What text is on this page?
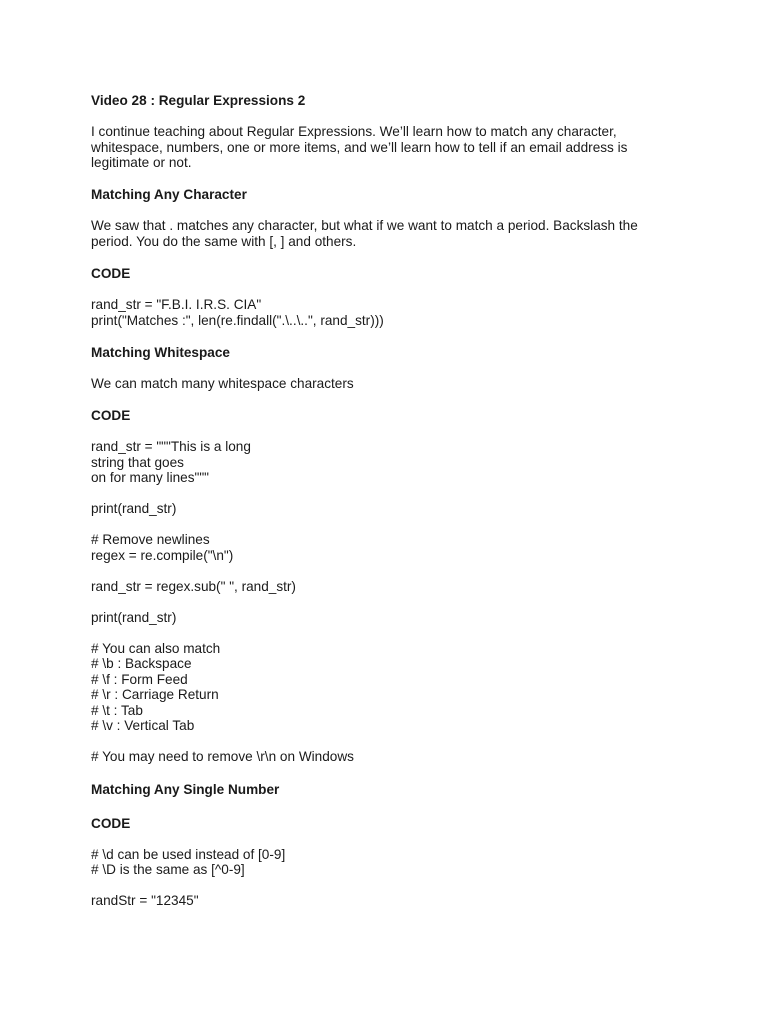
Video 28 : Regular Expressions 2
I continue teaching about Regular Expressions. We’ll learn how to match any character,
whitespace, numbers, one or more items, and we’ll learn how to tell if an email address is
legitimate or not.
Matching Any Character
We saw that . matches any character, but what if we want to match a period. Backslash the
period. You do the same with [, ] and others.
CODE
rand_str = "F.B.I. I.R.S. CIA"
print("Matches :", len(re.findall(".\..\..", rand_str)))
Matching Whitespace
We can match many whitespace characters
CODE
rand_str = """This is a long
string that goes
on for many lines"""
print(rand_str)
# Remove newlines
regex = re.compile("\n")
rand_str = regex.sub(" ", rand_str)
print(rand_str)
# You can also match
# \b : Backspace
# \f : Form Feed
# \r : Carriage Return
# \t : Tab
# \v : Vertical Tab
# You may need to remove \r\n on Windows
Matching Any Single Number
CODE
# \d can be used instead of [0-9]
# \D is the same as [^0-9]
randStr = "12345"
